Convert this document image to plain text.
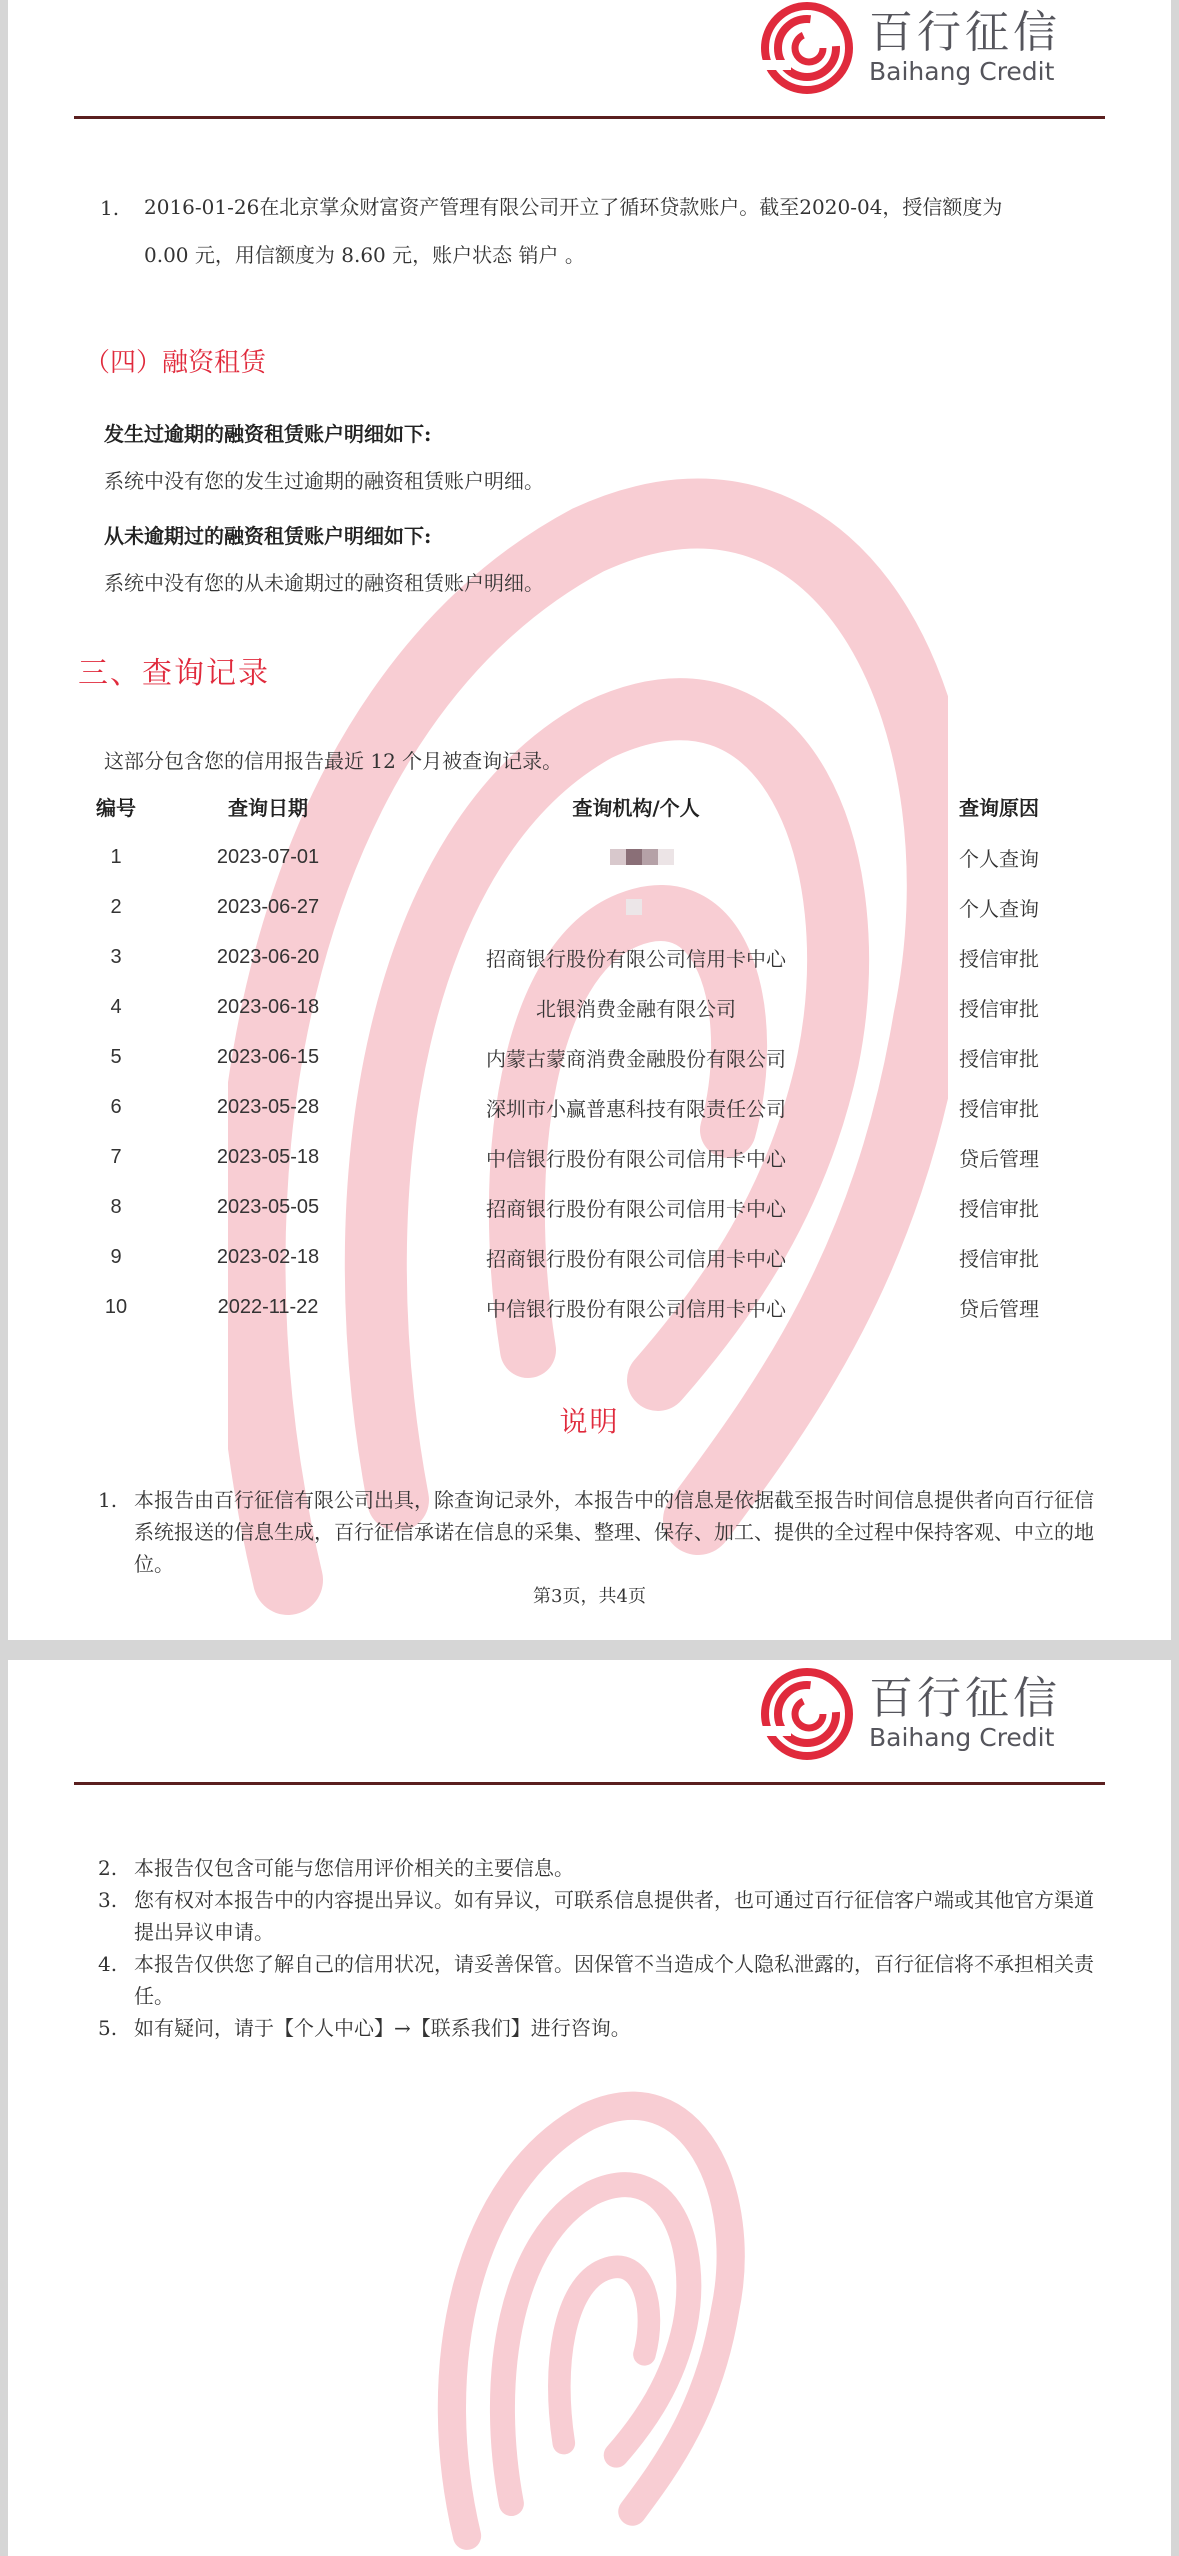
百行征信
Baihang Credit
1. 2016-01-26在北京掌众财富资产管理有限公司开立了循环贷款账户。截至2020-04，授信额度为
0.00 元，用信额度为 8.60 元，账户状态 销户 。
（四）融资租赁
发生过逾期的融资租赁账户明细如下:
系统中没有您的发生过逾期的融资租赁账户明细。
从未逾期过的融资租赁账户明细如下:
系统中没有您的从未逾期过的融资租赁账户明细。
三、查询记录
这部分包含您的信用报告最近 12 个月被查询记录。
编号	查询日期	查询机构/个人	查询原因
1	2023-07-01		个人查询
2	2023-06-27		个人查询
3	2023-06-20	招商银行股份有限公司信用卡中心	授信审批
4	2023-06-18	北银消费金融有限公司	授信审批
5	2023-06-15	内蒙古蒙商消费金融股份有限公司	授信审批
6	2023-05-28	深圳市小赢普惠科技有限责任公司	授信审批
7	2023-05-18	中信银行股份有限公司信用卡中心	贷后管理
8	2023-05-05	招商银行股份有限公司信用卡中心	授信审批
9	2023-02-18	招商银行股份有限公司信用卡中心	授信审批
10	2022-11-22	中信银行股份有限公司信用卡中心	贷后管理
说明
1. 本报告由百行征信有限公司出具，除查询记录外，本报告中的信息是依据截至报告时间信息提供者向百行征信系统报送的信息生成，百行征信承诺在信息的采集、整理、保存、加工、提供的全过程中保持客观、中立的地位。
第3页，共4页
百行征信
Baihang Credit
2. 本报告仅包含可能与您信用评价相关的主要信息。
3. 您有权对本报告中的内容提出异议。如有异议，可联系信息提供者，也可通过百行征信客户端或其他官方渠道提出异议申请。
4. 本报告仅供您了解自己的信用状况，请妥善保管。因保管不当造成个人隐私泄露的，百行征信将不承担相关责任。
5. 如有疑问，请于【个人中心】→【联系我们】进行咨询。
